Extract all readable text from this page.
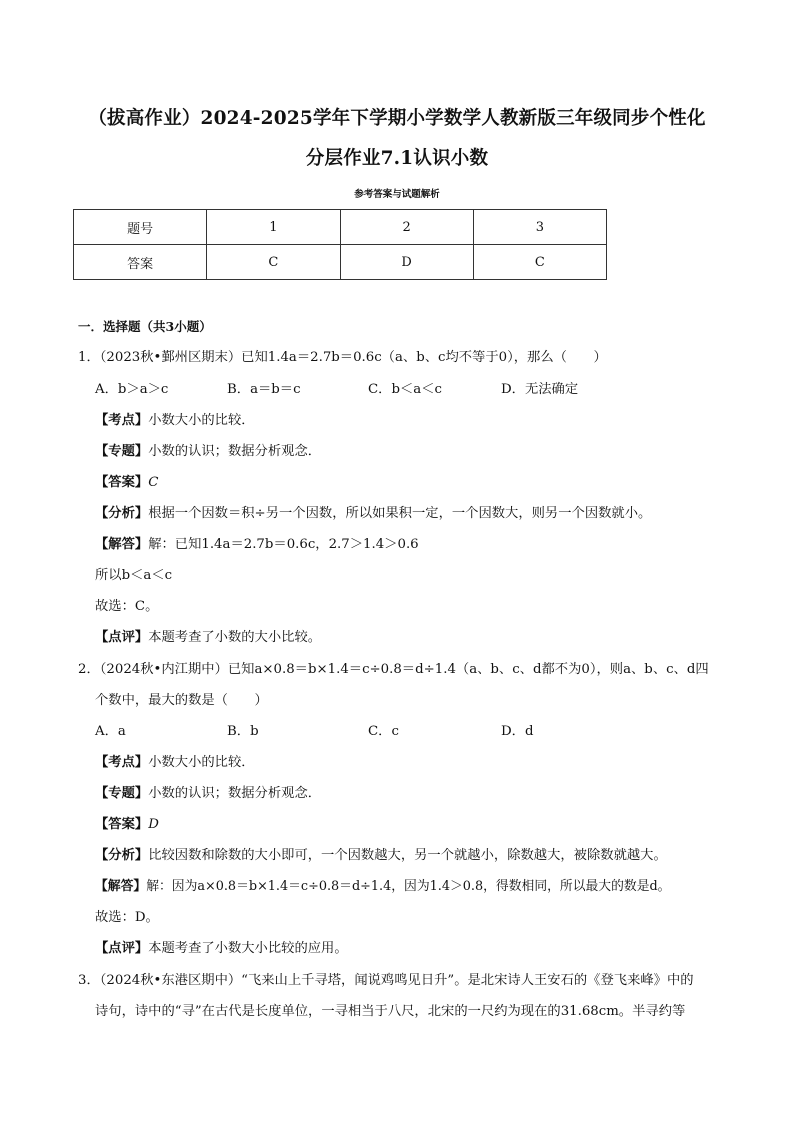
（拔高作业）2024-2025学年下学期小学数学人教新版三年级同步个性化
分层作业7.1认识小数
参考答案与试题解析
题号	1	2	3
答案	C	D	C
一．选择题（共3小题）
1．（2023秋•鄞州区期末）已知1.4a＝2.7b＝0.6c（a、b、c均不等于0），那么（　　）
A．b＞a＞c	B．a＝b＝c	C．b＜a＜c	D．无法确定
【考点】小数大小的比较．
【专题】小数的认识；数据分析观念．
【答案】C
【分析】根据一个因数＝积÷另一个因数，所以如果积一定，一个因数大，则另一个因数就小。
【解答】解：已知1.4a＝2.7b＝0.6c，2.7＞1.4＞0.6
所以b＜a＜c
故选：C。
【点评】本题考查了小数的大小比较。
2．（2024秋•内江期中）已知a×0.8＝b×1.4＝c÷0.8＝d÷1.4（a、b、c、d都不为0），则a、b、c、d四
个数中，最大的数是（　　）
A．a	B．b	C．c	D．d
【考点】小数大小的比较．
【专题】小数的认识；数据分析观念．
【答案】D
【分析】比较因数和除数的大小即可，一个因数越大，另一个就越小，除数越大，被除数就越大。
【解答】解：因为a×0.8＝b×1.4＝c÷0.8＝d÷1.4，因为1.4＞0.8，得数相同，所以最大的数是d。
故选：D。
【点评】本题考查了小数大小比较的应用。
3．（2024秋•东港区期中）“飞来山上千寻塔，闻说鸡鸣见日升”。是北宋诗人王安石的《登飞来峰》中的
诗句，诗中的“寻”在古代是长度单位，一寻相当于八尺，北宋的一尺约为现在的31.68cm。半寻约等
